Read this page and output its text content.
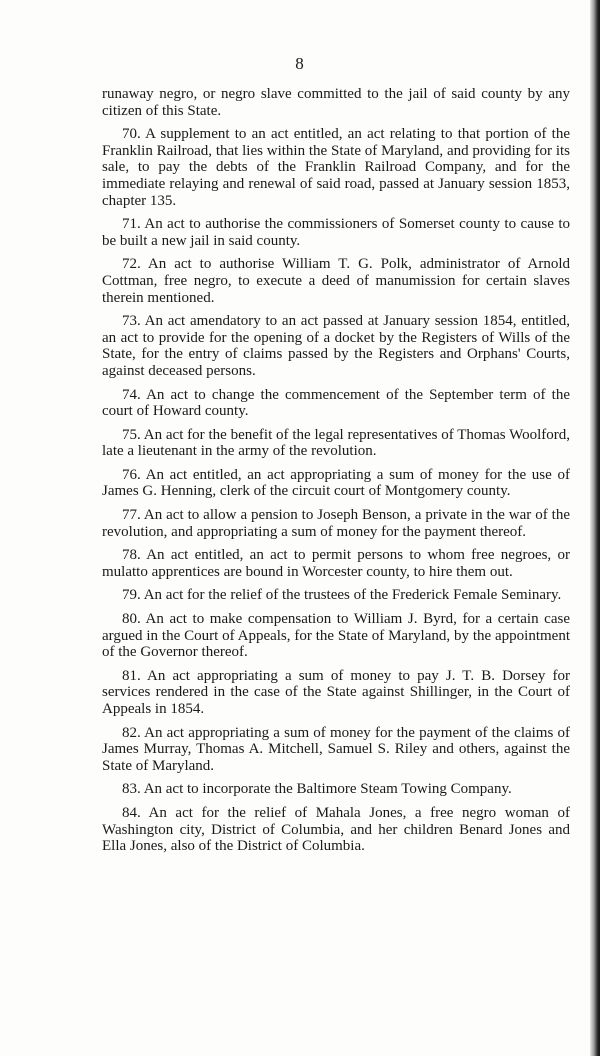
8

runaway negro, or negro slave committed to the jail of said county by any citizen of this State.

70. A supplement to an act entitled, an act relating to that portion of the Franklin Railroad, that lies within the State of Maryland, and providing for its sale, to pay the debts of the Franklin Railroad Company, and for the immediate relaying and renewal of said road, passed at January session 1853, chapter 135.

71. An act to authorise the commissioners of Somerset county to cause to be built a new jail in said county.

72. An act to authorise William T. G. Polk, administrator of Arnold Cottman, free negro, to execute a deed of manumission for certain slaves therein mentioned.

73. An act amendatory to an act passed at January session 1854, entitled, an act to provide for the opening of a docket by the Registers of Wills of the State, for the entry of claims passed by the Registers and Orphans' Courts, against deceased persons.

74. An act to change the commencement of the September term of the court of Howard county.

75. An act for the benefit of the legal representatives of Thomas Woolford, late a lieutenant in the army of the revolution.

76. An act entitled, an act appropriating a sum of money for the use of James G. Henning, clerk of the circuit court of Montgomery county.

77. An act to allow a pension to Joseph Benson, a private in the war of the revolution, and appropriating a sum of money for the payment thereof.

78. An act entitled, an act to permit persons to whom free negroes, or mulatto apprentices are bound in Worcester county, to hire them out.

79. An act for the relief of the trustees of the Frederick Female Seminary.

80. An act to make compensation to William J. Byrd, for a certain case argued in the Court of Appeals, for the State of Maryland, by the appointment of the Governor thereof.

81. An act appropriating a sum of money to pay J. T. B. Dorsey for services rendered in the case of the State against Shillinger, in the Court of Appeals in 1854.

82. An act appropriating a sum of money for the payment of the claims of James Murray, Thomas A. Mitchell, Samuel S. Riley and others, against the State of Maryland.

83. An act to incorporate the Baltimore Steam Towing Company.

84. An act for the relief of Mahala Jones, a free negro woman of Washington city, District of Columbia, and her children Benard Jones and Ella Jones, also of the District of Columbia.
